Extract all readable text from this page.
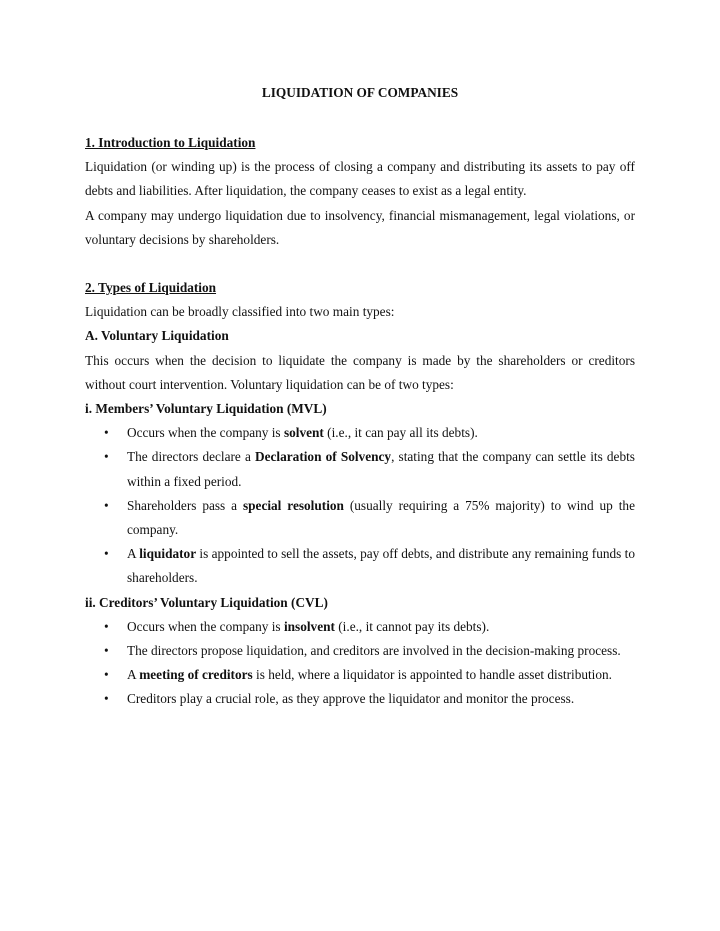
LIQUIDATION OF COMPANIES
1. Introduction to Liquidation
Liquidation (or winding up) is the process of closing a company and distributing its assets to pay off debts and liabilities. After liquidation, the company ceases to exist as a legal entity.
A company may undergo liquidation due to insolvency, financial mismanagement, legal violations, or voluntary decisions by shareholders.
2. Types of Liquidation
Liquidation can be broadly classified into two main types:
A. Voluntary Liquidation
This occurs when the decision to liquidate the company is made by the shareholders or creditors without court intervention. Voluntary liquidation can be of two types:
i. Members’ Voluntary Liquidation (MVL)
• Occurs when the company is solvent (i.e., it can pay all its debts).
• The directors declare a Declaration of Solvency, stating that the company can settle its debts within a fixed period.
• Shareholders pass a special resolution (usually requiring a 75% majority) to wind up the company.
• A liquidator is appointed to sell the assets, pay off debts, and distribute any remaining funds to shareholders.
ii. Creditors’ Voluntary Liquidation (CVL)
• Occurs when the company is insolvent (i.e., it cannot pay its debts).
• The directors propose liquidation, and creditors are involved in the decision-making process.
• A meeting of creditors is held, where a liquidator is appointed to handle asset distribution.
• Creditors play a crucial role, as they approve the liquidator and monitor the process.
